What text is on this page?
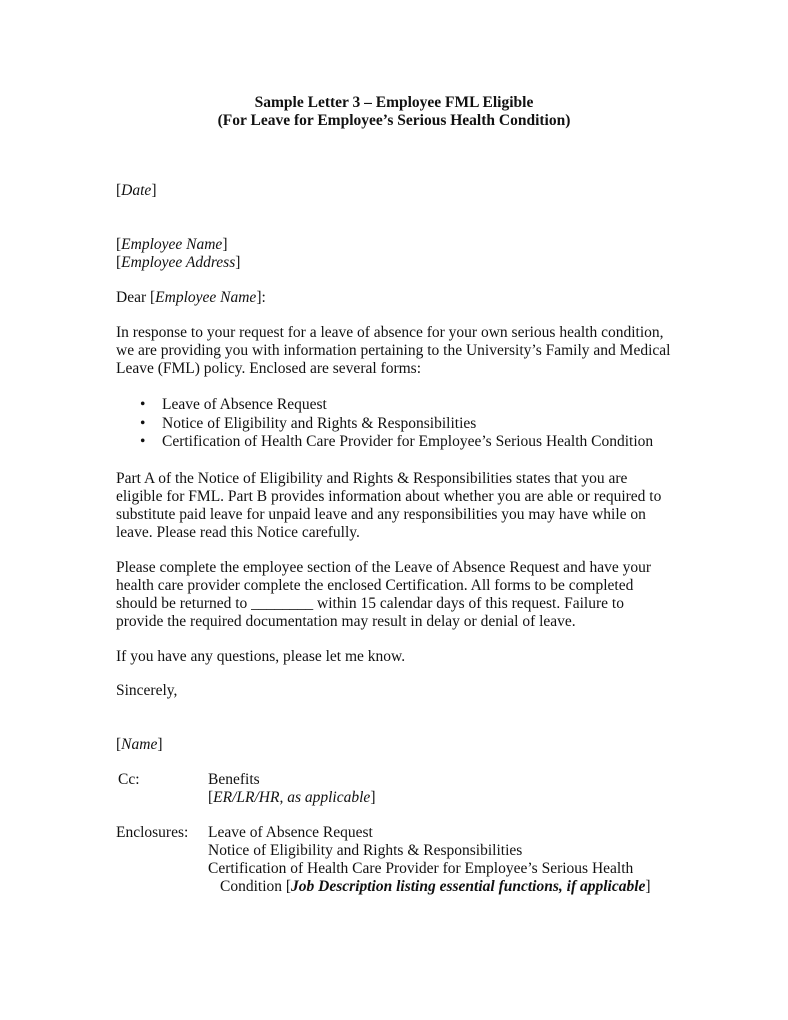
Sample Letter 3 – Employee FML Eligible

(For Leave for Employee’s Serious Health Condition)

[Date]

[Employee Name]

[Employee Address]

Dear [Employee Name]:

In response to your request for a leave of absence for your own serious health condition,

we are providing you with information pertaining to the University’s Family and Medical

Leave (FML) policy. Enclosed are several forms:

• Leave of Absence Request
• Notice of Eligibility and Rights & Responsibilities
• Certification of Health Care Provider for Employee’s Serious Health Condition

Part A of the Notice of Eligibility and Rights & Responsibilities states that you are

eligible for FML. Part B provides information about whether you are able or required to

substitute paid leave for unpaid leave and any responsibilities you may have while on

leave. Please read this Notice carefully.

Please complete the employee section of the Leave of Absence Request and have your

health care provider complete the enclosed Certification. All forms to be completed

should be returned to ________ within 15 calendar days of this request. Failure to

provide the required documentation may result in delay or denial of leave.

If you have any questions, please let me know.

Sincerely,

[Name]

Cc:	Benefits

[ER/LR/HR, as applicable]

Enclosures: Leave of Absence Request

Notice of Eligibility and Rights & Responsibilities

Certification of Health Care Provider for Employee’s Serious Health

Condition [Job Description listing essential functions, if applicable]
